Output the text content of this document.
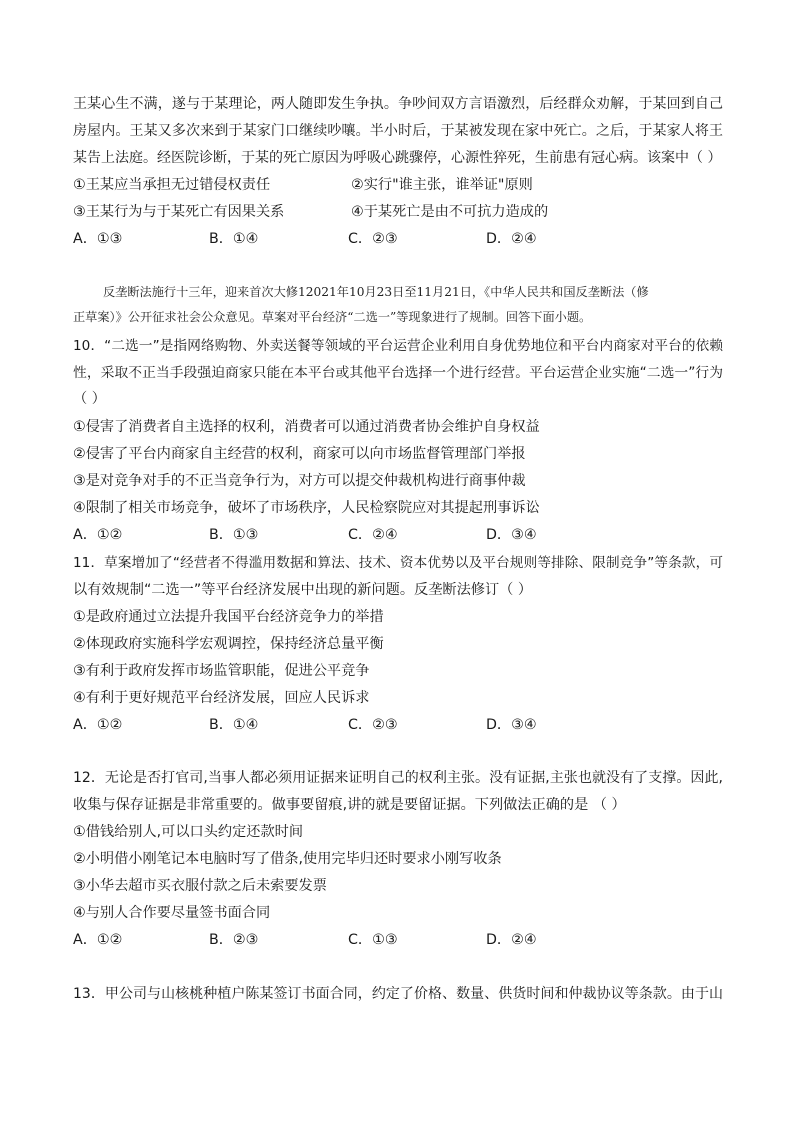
王某心生不满，遂与于某理论，两人随即发生争执。争吵间双方言语激烈，后经群众劝解，于某回到自己
房屋内。王某又多次来到于某家门口继续吵嚷。半小时后，于某被发现在家中死亡。之后，于某家人将王
某告上法庭。经医院诊断，于某的死亡原因为呼吸心跳骤停，心源性猝死，生前患有冠心病。该案中（ ）
①王某应当承担无过错侵权责任	②实行"谁主张，谁举证"原则
③王某行为与于某死亡有因果关系	④于某死亡是由不可抗力造成的
A．①③	B．①④	C．②③	D．②④
反垄断法施行十三年，迎来首次大修12021年10月23日至11月21日，《中华人民共和国反垄断法（修
正草案）》公开征求社会公众意见。草案对平台经济“二选一”等现象进行了规制。回答下面小题。
10．“二选一”是指网络购物、外卖送餐等领域的平台运营企业利用自身优势地位和平台内商家对平台的依赖
性，采取不正当手段强迫商家只能在本平台或其他平台选择一个进行经营。平台运营企业实施“二选一”行为
（ ）
①侵害了消费者自主选择的权利，消费者可以通过消费者协会维护自身权益
②侵害了平台内商家自主经营的权利，商家可以向市场监督管理部门举报
③是对竞争对手的不正当竞争行为，对方可以提交仲裁机构进行商事仲裁
④限制了相关市场竞争，破坏了市场秩序，人民检察院应对其提起刑事诉讼
A．①②	B．①③	C．②④	D．③④
11．草案增加了“经营者不得滥用数据和算法、技术、资本优势以及平台规则等排除、限制竞争”等条款，可
以有效规制“二选一”等平台经济发展中出现的新问题。反垄断法修订（ ）
①是政府通过立法提升我国平台经济竞争力的举措
②体现政府实施科学宏观调控，保持经济总量平衡
③有利于政府发挥市场监管职能，促进公平竞争
④有利于更好规范平台经济发展，回应人民诉求
A．①②	B．①④	C．②③	D．③④
12．无论是否打官司,当事人都必须用证据来证明自己的权利主张。没有证据,主张也就没有了支撑。因此,
收集与保存证据是非常重要的。做事要留痕,讲的就是要留证据。下列做法正确的是 （ ）
①借钱给别人,可以口头约定还款时间
②小明借小刚笔记本电脑时写了借条,使用完毕归还时要求小刚写收条
③小华去超市买衣服付款之后未索要发票
④与别人合作要尽量签书面合同
A．①②	B．②③	C．①③	D．②④
13．甲公司与山核桃种植户陈某签订书面合同，约定了价格、数量、供货时间和仲裁协议等条款。由于山
